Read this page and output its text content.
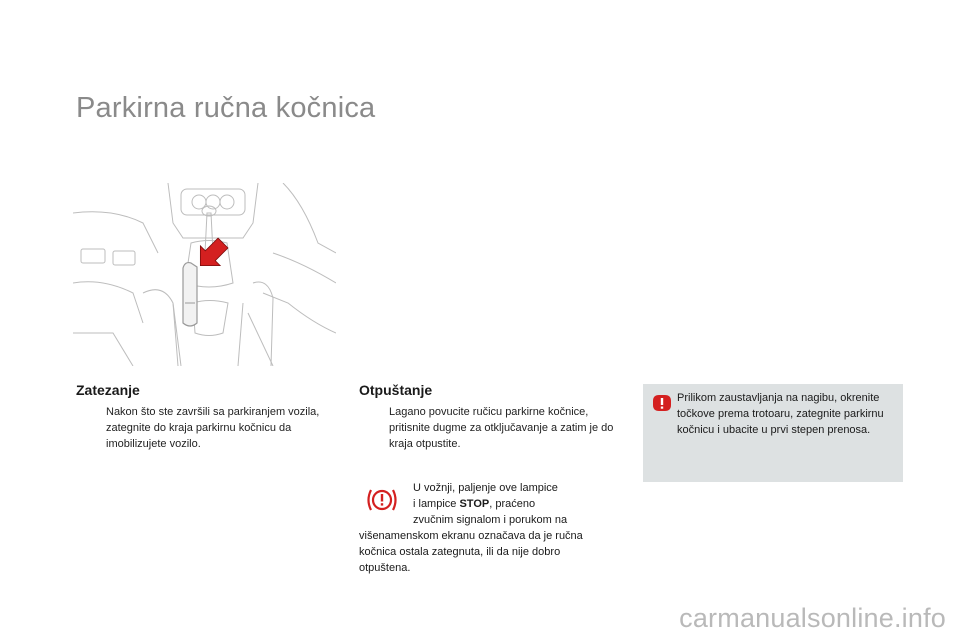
Parkirna ručna kočnica
Zatezanje
Nakon što ste završili sa parkiranjem vozila, zategnite do kraja parkirnu kočnicu da imobilizujete vozilo.
Otpuštanje
Lagano povucite ručicu parkirne kočnice, pritisnite dugme za otključavanje a zatim je do kraja otpustite.
Prilikom zaustavljanja na nagibu, okrenite točkove prema trotoaru, zategnite parkirnu kočnicu i ubacite u prvi stepen prenosa.
U vožnji, paljenje ove lampice
i lampice STOP, praćeno
zvučnim signalom i porukom na
višenamenskom ekranu označava da je ručna
kočnica ostala zategnuta, ili da nije dobro
otpuštena.
carmanualsonline.info
